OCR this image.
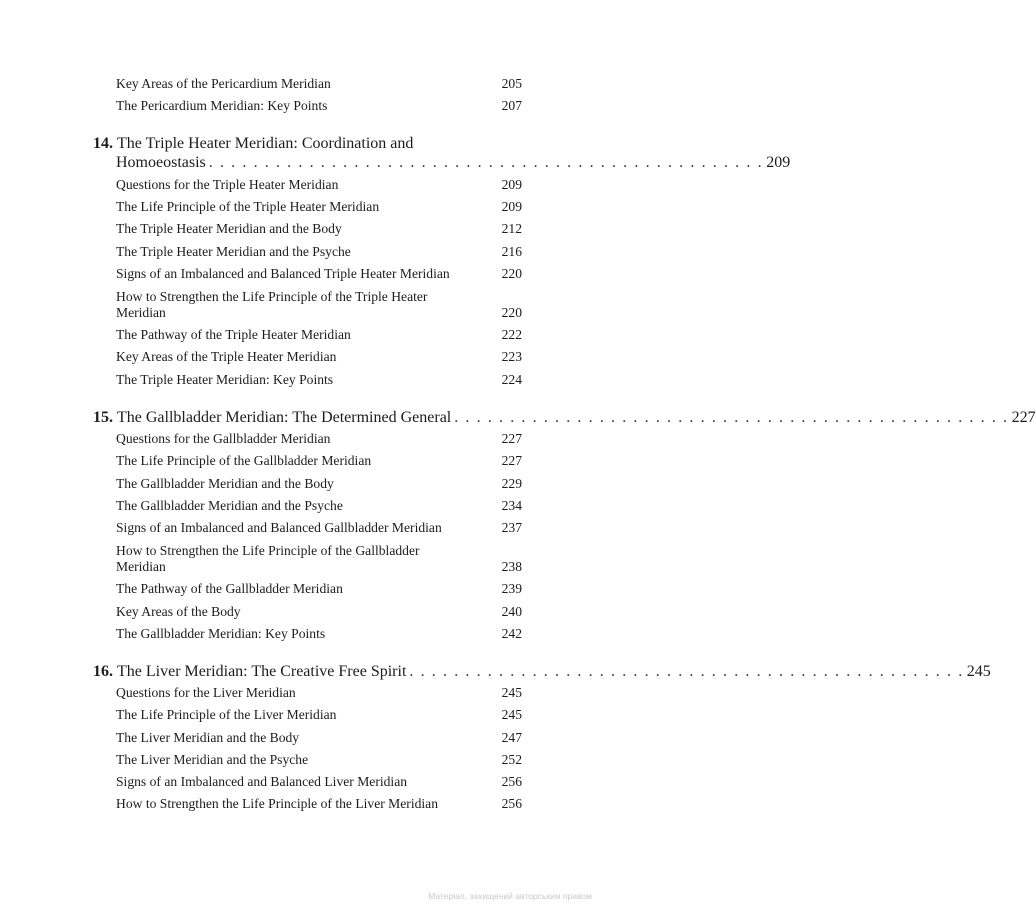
Key Areas of the Pericardium Meridian	205
The Pericardium Meridian: Key Points	207
14.
The Triple Heater Meridian: Coordination and
Homoeostasis . . . . . . . . . . . . . . . . . . . . . . . . . . . . . . . . . . . . . . . . . . . . . . . . . . 209
Questions for the Triple Heater Meridian	209
The Life Principle of the Triple Heater Meridian	209
The Triple Heater Meridian and the Body	212
The Triple Heater Meridian and the Psyche	216
Signs of an Imbalanced and Balanced Triple Heater Meridian	220
How to Strengthen the Life Principle of the Triple Heater Meridian	220
The Pathway of the Triple Heater Meridian	222
Key Areas of the Triple Heater Meridian	223
The Triple Heater Meridian: Key Points	224
15.
The Gallbladder Meridian: The Determined General . . . . . . . . . . . . . . . . . . . . . . . . . . . . . . . . . . . . . . . . . . . . . . . . . . 227
Questions for the Gallbladder Meridian	227
The Life Principle of the Gallbladder Meridian	227
The Gallbladder Meridian and the Body	229
The Gallbladder Meridian and the Psyche	234
Signs of an Imbalanced and Balanced Gallbladder Meridian	237
How to Strengthen the Life Principle of the Gallbladder Meridian	238
The Pathway of the Gallbladder Meridian	239
Key Areas of the Body	240
The Gallbladder Meridian: Key Points	242
16.
The Liver Meridian: The Creative Free Spirit . . . . . . . . . . . . . . . . . . . . . . . . . . . . . . . . . . . . . . . . . . . . . . . . . . 245
Questions for the Liver Meridian	245
The Life Principle of the Liver Meridian	245
The Liver Meridian and the Body	247
The Liver Meridian and the Psyche	252
Signs of an Imbalanced and Balanced Liver Meridian	256
How to Strengthen the Life Principle of the Liver Meridian	256
Матеріал, захищений авторським правом
